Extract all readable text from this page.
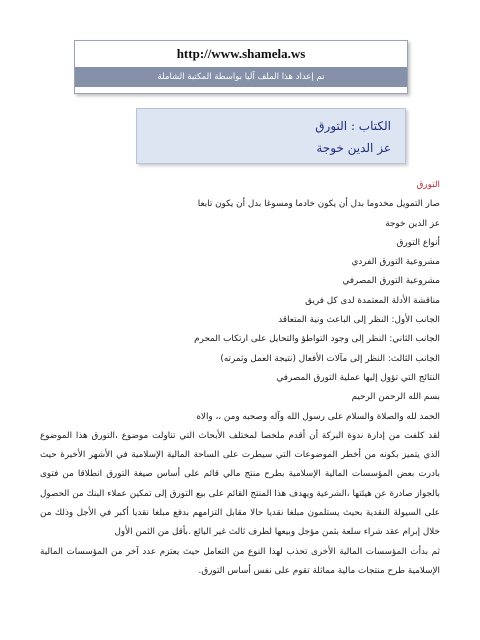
http://www.shamela.ws
تم إعداد هذا الملف آليا بواسطة المكتبة الشاملة
الكتاب : التورق
عز الدين خوجة
التورق
صار التمويل مخدوما بدل أن يكون خادما ومسوغا بدل أن يكون تابعا
عز الدين خوجة
أنواع التورق
مشروعية التورق الفردي
مشروعية التورق المصرفي
مناقشة الأدلة المعتمدة لدى كل فريق
الجانب الأول: النظر إلى الباعث ونية المتعاقد
الجانب الثاني: النظر إلى وجود التواطؤ والتحايل على ارتكاب المحرم
الجانب الثالث: النظر إلى مآلات الأفعال (نتيجة العمل وثمرته)
النتائج التي تؤول إليها عملية التورق المصرفي
بسم الله الرحمن الرحيم
الحمد لله والصلاة والسلام على رسول الله وآله وصحبه ومن ،، والاه
لقد كلفت من إدارة ندوة البركة أن أقدم ملخصا لمختلف الأبحاث التي تناولت موضوع ،التورق هذا الموضوع الذي يتميز بكونه من أخطر الموضوعات التي سيطرت على الساحة المالية الإسلامية في الأشهر الأخيرة حيث بادرت بعض المؤسسات المالية الإسلامية بطرح منتج مالي قائم على أساس صيغة التورق انطلاقا من فتوى بالجواز صادرة عن هيئتها ،الشرعية ويهدف هذا المنتج القائم على بيع التورق إلى تمكين عملاء البنك من الحصول على السيولة النقدية بحيث يستلمون مبلغا نقديا حالا مقابل التزامهم بدفع مبلغا نقديا أكبر في الأجل وذلك من خلال إبرام عقد شراء سلعة بثمن مؤجل وبيعها لطرف ثالث غير البائع .بأقل من الثمن الأول
ثم بدأت المؤسسات المالية الأخرى تحذب لهذا النوع من التعامل حيث يعتزم عدد آخر من المؤسسات المالية الإسلامية طرح منتجات مالية مماثلة تقوم على نفس أساس التورق.
